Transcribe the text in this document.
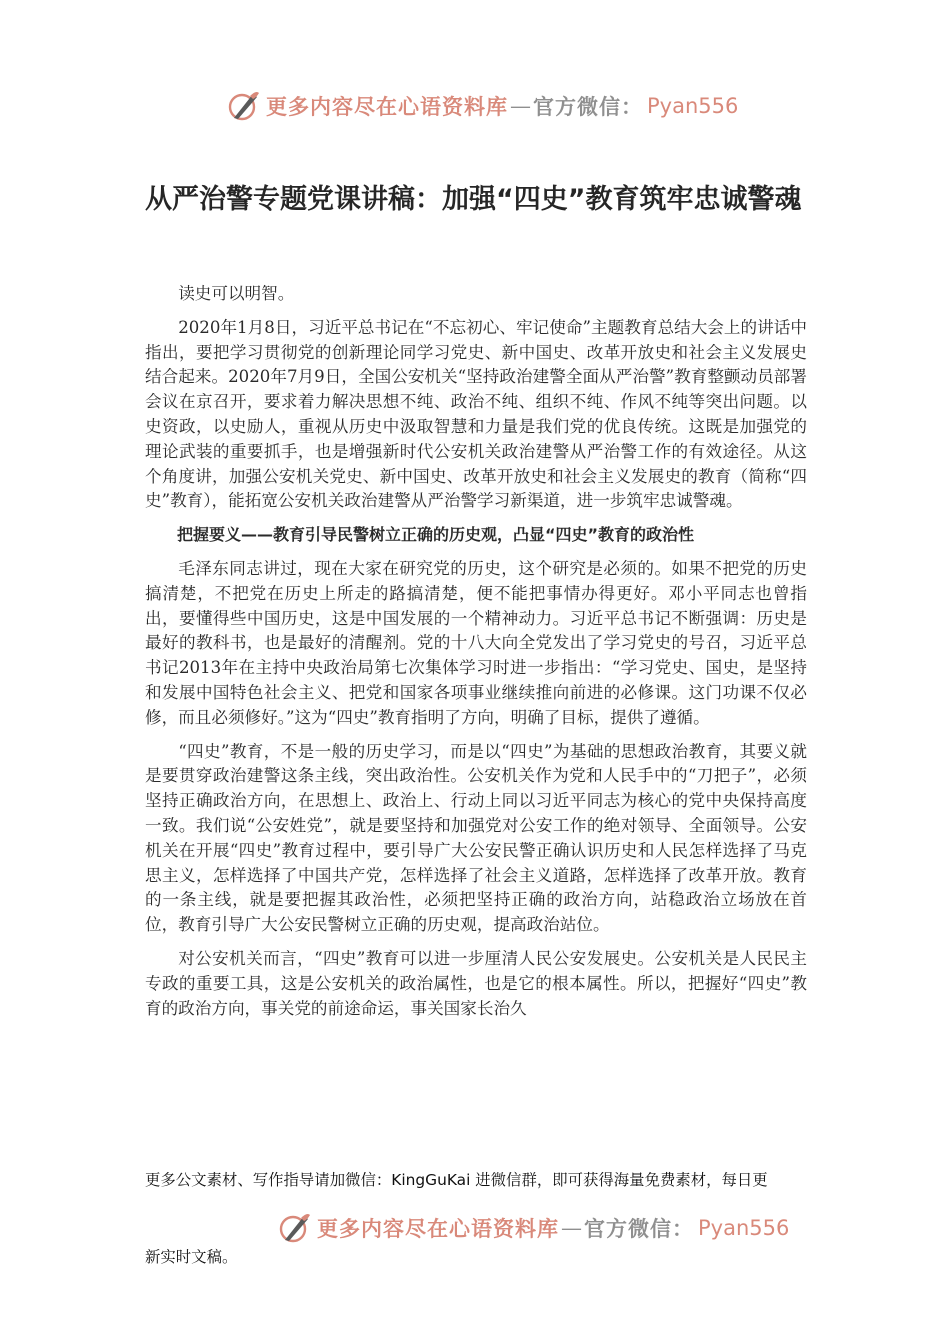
更多内容尽在心语资料库 — 官方微信： Pyan556
从严治警专题党课讲稿：加强“四史”教育筑牢忠诚警魂

读史可以明智。

2020年1月8日，习近平总书记在“不忘初心、牢记使命”主题教育总结大会上的讲话中指出，要把学习贯彻党的创新理论同学习党史、新中国史、改革开放史和社会主义发展史结合起来。2020年7月9日，全国公安机关“坚持政治建警全面从严治警”教育整颤动员部署会议在京召开，要求着力解决思想不纯、政治不纯、组织不纯、作风不纯等突出问题。以史资政，以史励人，重视从历史中汲取智慧和力量是我们党的优良传统。这既是加强党的理论武装的重要抓手，也是增强新时代公安机关政治建警从严治警工作的有效途径。从这个角度讲，加强公安机关党史、新中国史、改革开放史和社会主义发展史的教育（简称“四史”教育），能拓宽公安机关政治建警从严治警学习新渠道，进一步筑牢忠诚警魂。

把握要义——教育引导民警树立正确的历史观，凸显“四史”教育的政治性

毛泽东同志讲过，现在大家在研究党的历史，这个研究是必须的。如果不把党的历史搞清楚，不把党在历史上所走的路搞清楚，便不能把事情办得更好。邓小平同志也曾指出，要懂得些中国历史，这是中国发展的一个精神动力。习近平总书记不断强调：历史是最好的教科书，也是最好的清醒剂。党的十八大向全党发出了学习党史的号召，习近平总书记2013年在主持中央政治局第七次集体学习时进一步指出：“学习党史、国史，是坚持和发展中国特色社会主义、把党和国家各项事业继续推向前进的必修课。这门功课不仅必修，而且必须修好。”这为“四史”教育指明了方向，明确了目标，提供了遵循。

“四史”教育，不是一般的历史学习，而是以“四史”为基础的思想政治教育，其要义就是要贯穿政治建警这条主线，突出政治性。公安机关作为党和人民手中的“刀把子”，必须坚持正确政治方向，在思想上、政治上、行动上同以习近平同志为核心的党中央保持高度一致。我们说“公安姓党”，就是要坚持和加强党对公安工作的绝对领导、全面领导。公安机关在开展“四史”教育过程中，要引导广大公安民警正确认识历史和人民怎样选择了马克思主义，怎样选择了中国共产党，怎样选择了社会主义道路，怎样选择了改革开放。教育的一条主线，就是要把握其政治性，必须把坚持正确的政治方向，站稳政治立场放在首位，教育引导广大公安民警树立正确的历史观，提高政治站位。

对公安机关而言，“四史”教育可以进一步厘清人民公安发展史。公安机关是人民民主专政的重要工具，这是公安机关的政治属性，也是它的根本属性。所以，把握好“四史”教育的政治方向，事关党的前途命运，事关国家长治久

更多公文素材、写作指导请加微信：KingGuKai 进微信群，即可获得海量免费素材，每日更
更多内容尽在心语资料库 — 官方微信： Pyan556
新实时文稿。
